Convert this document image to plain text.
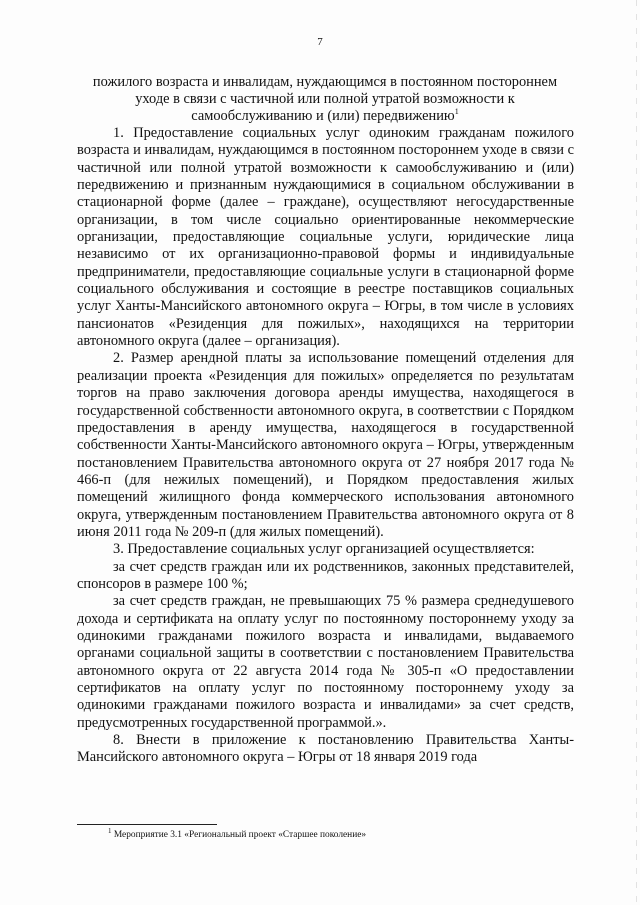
7
пожилого возраста и инвалидам, нуждающимся в постоянном постороннем уходе в связи с частичной или полной утратой возможности к самообслуживанию и (или) передвижению$^1$

1. Предоставление социальных услуг одиноким гражданам пожилого возраста и инвалидам, нуждающимся в постоянном постороннем уходе в связи с частичной или полной утратой возможности к самообслуживанию и (или) передвижению и признанным нуждающимися в социальном обслуживании в стационарной форме (далее – граждане), осуществляют негосударственные организации, в том числе социально ориентированные некоммерческие организации, предоставляющие социальные услуги, юридические лица независимо от их организационно-правовой формы и индивидуальные предприниматели, предоставляющие социальные услуги в стационарной форме социального обслуживания и состоящие в реестре поставщиков социальных услуг Ханты-Мансийского автономного округа – Югры, в том числе в условиях пансионатов «Резиденция для пожилых», находящихся на территории автономного округа (далее – организация).

2. Размер арендной платы за использование помещений отделения для реализации проекта «Резиденция для пожилых» определяется по результатам торгов на право заключения договора аренды имущества, находящегося в государственной собственности автономного округа, в соответствии с Порядком предоставления в аренду имущества, находящегося в государственной собственности Ханты-Мансийского автономного округа – Югры, утвержденным постановлением Правительства автономного округа от 27 ноября 2017 года № 466-п (для нежилых помещений), и Порядком предоставления жилых помещений жилищного фонда коммерческого использования автономного округа, утвержденным постановлением Правительства автономного округа от 8 июня 2011 года № 209-п (для жилых помещений).

3. Предоставление социальных услуг организацией осуществляется:

за счет средств граждан или их родственников, законных представителей, спонсоров в размере 100 %;

за счет средств граждан, не превышающих 75 % размера среднедушевого дохода и сертификата на оплату услуг по постоянному постороннему уходу за одинокими гражданами пожилого возраста и инвалидами, выдаваемого органами социальной защиты в соответствии с постановлением Правительства автономного округа от 22 августа 2014 года № 305-п «О предоставлении сертификатов на оплату услуг по постоянному постороннему уходу за одинокими гражданами пожилого возраста и инвалидами» за счет средств, предусмотренных государственной программой.».

8. Внести в приложение к постановлению Правительства Ханты-Мансийского автономного округа – Югры от 18 января 2019 года

$^1$ Мероприятие 3.1 «Региональный проект «Старшее поколение»
